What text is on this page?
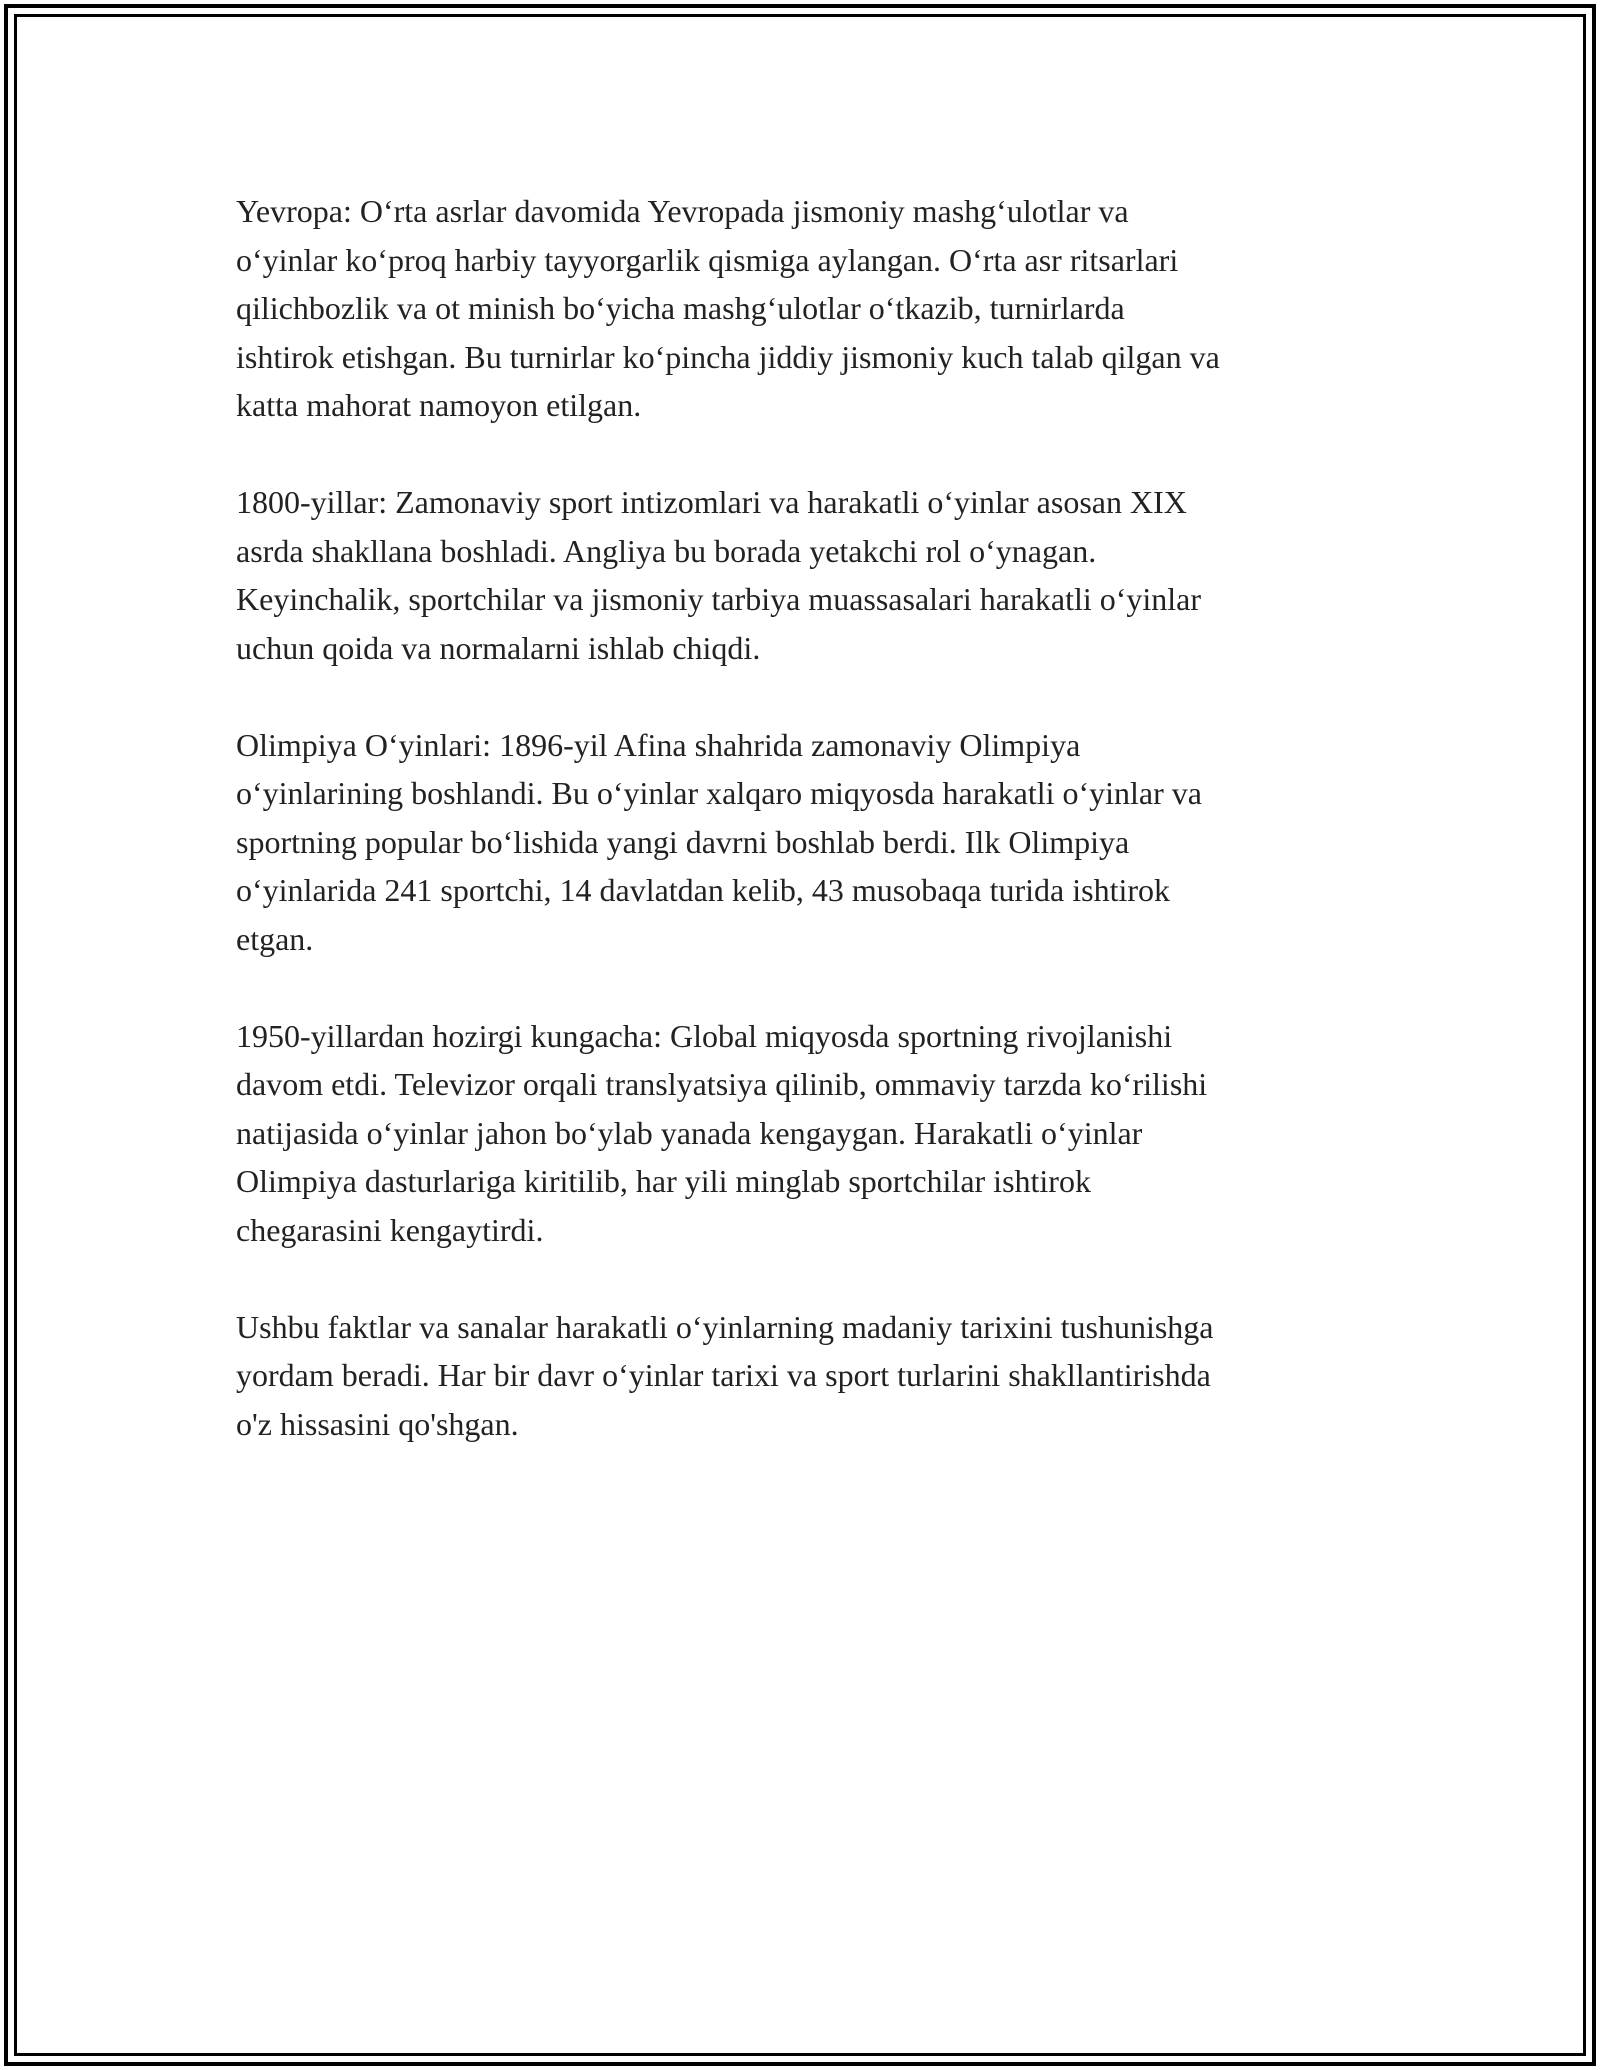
Yevropa: O‘rta asrlar davomida Yevropada jismoniy mashg‘ulotlar va
o‘yinlar ko‘proq harbiy tayyorgarlik qismiga aylangan. O‘rta asr ritsarlari
qilichbozlik va ot minish bo‘yicha mashg‘ulotlar o‘tkazib, turnirlarda
ishtirok etishgan. Bu turnirlar ko‘pincha jiddiy jismoniy kuch talab qilgan va
katta mahorat namoyon etilgan.

1800-yillar: Zamonaviy sport intizomlari va harakatli o‘yinlar asosan XIX
asrda shakllana boshladi. Angliya bu borada yetakchi rol o‘ynagan.
Keyinchalik, sportchilar va jismoniy tarbiya muassasalari harakatli o‘yinlar
uchun qoida va normalarni ishlab chiqdi.

Olimpiya O‘yinlari: 1896-yil Afina shahrida zamonaviy Olimpiya
o‘yinlarining boshlandi. Bu o‘yinlar xalqaro miqyosda harakatli o‘yinlar va
sportning popular bo‘lishida yangi davrni boshlab berdi. Ilk Olimpiya
o‘yinlarida 241 sportchi, 14 davlatdan kelib, 43 musobaqa turida ishtirok
etgan.

1950-yillardan hozirgi kungacha: Global miqyosda sportning rivojlanishi
davom etdi. Televizor orqali translyatsiya qilinib, ommaviy tarzda ko‘rilishi
natijasida o‘yinlar jahon bo‘ylab yanada kengaygan. Harakatli o‘yinlar
Olimpiya dasturlariga kiritilib, har yili minglab sportchilar ishtirok
chegarasini kengaytirdi.

Ushbu faktlar va sanalar harakatli o‘yinlarning madaniy tarixini tushunishga
yordam beradi. Har bir davr o‘yinlar tarixi va sport turlarini shakllantirishda
o'z hissasini qo'shgan.
